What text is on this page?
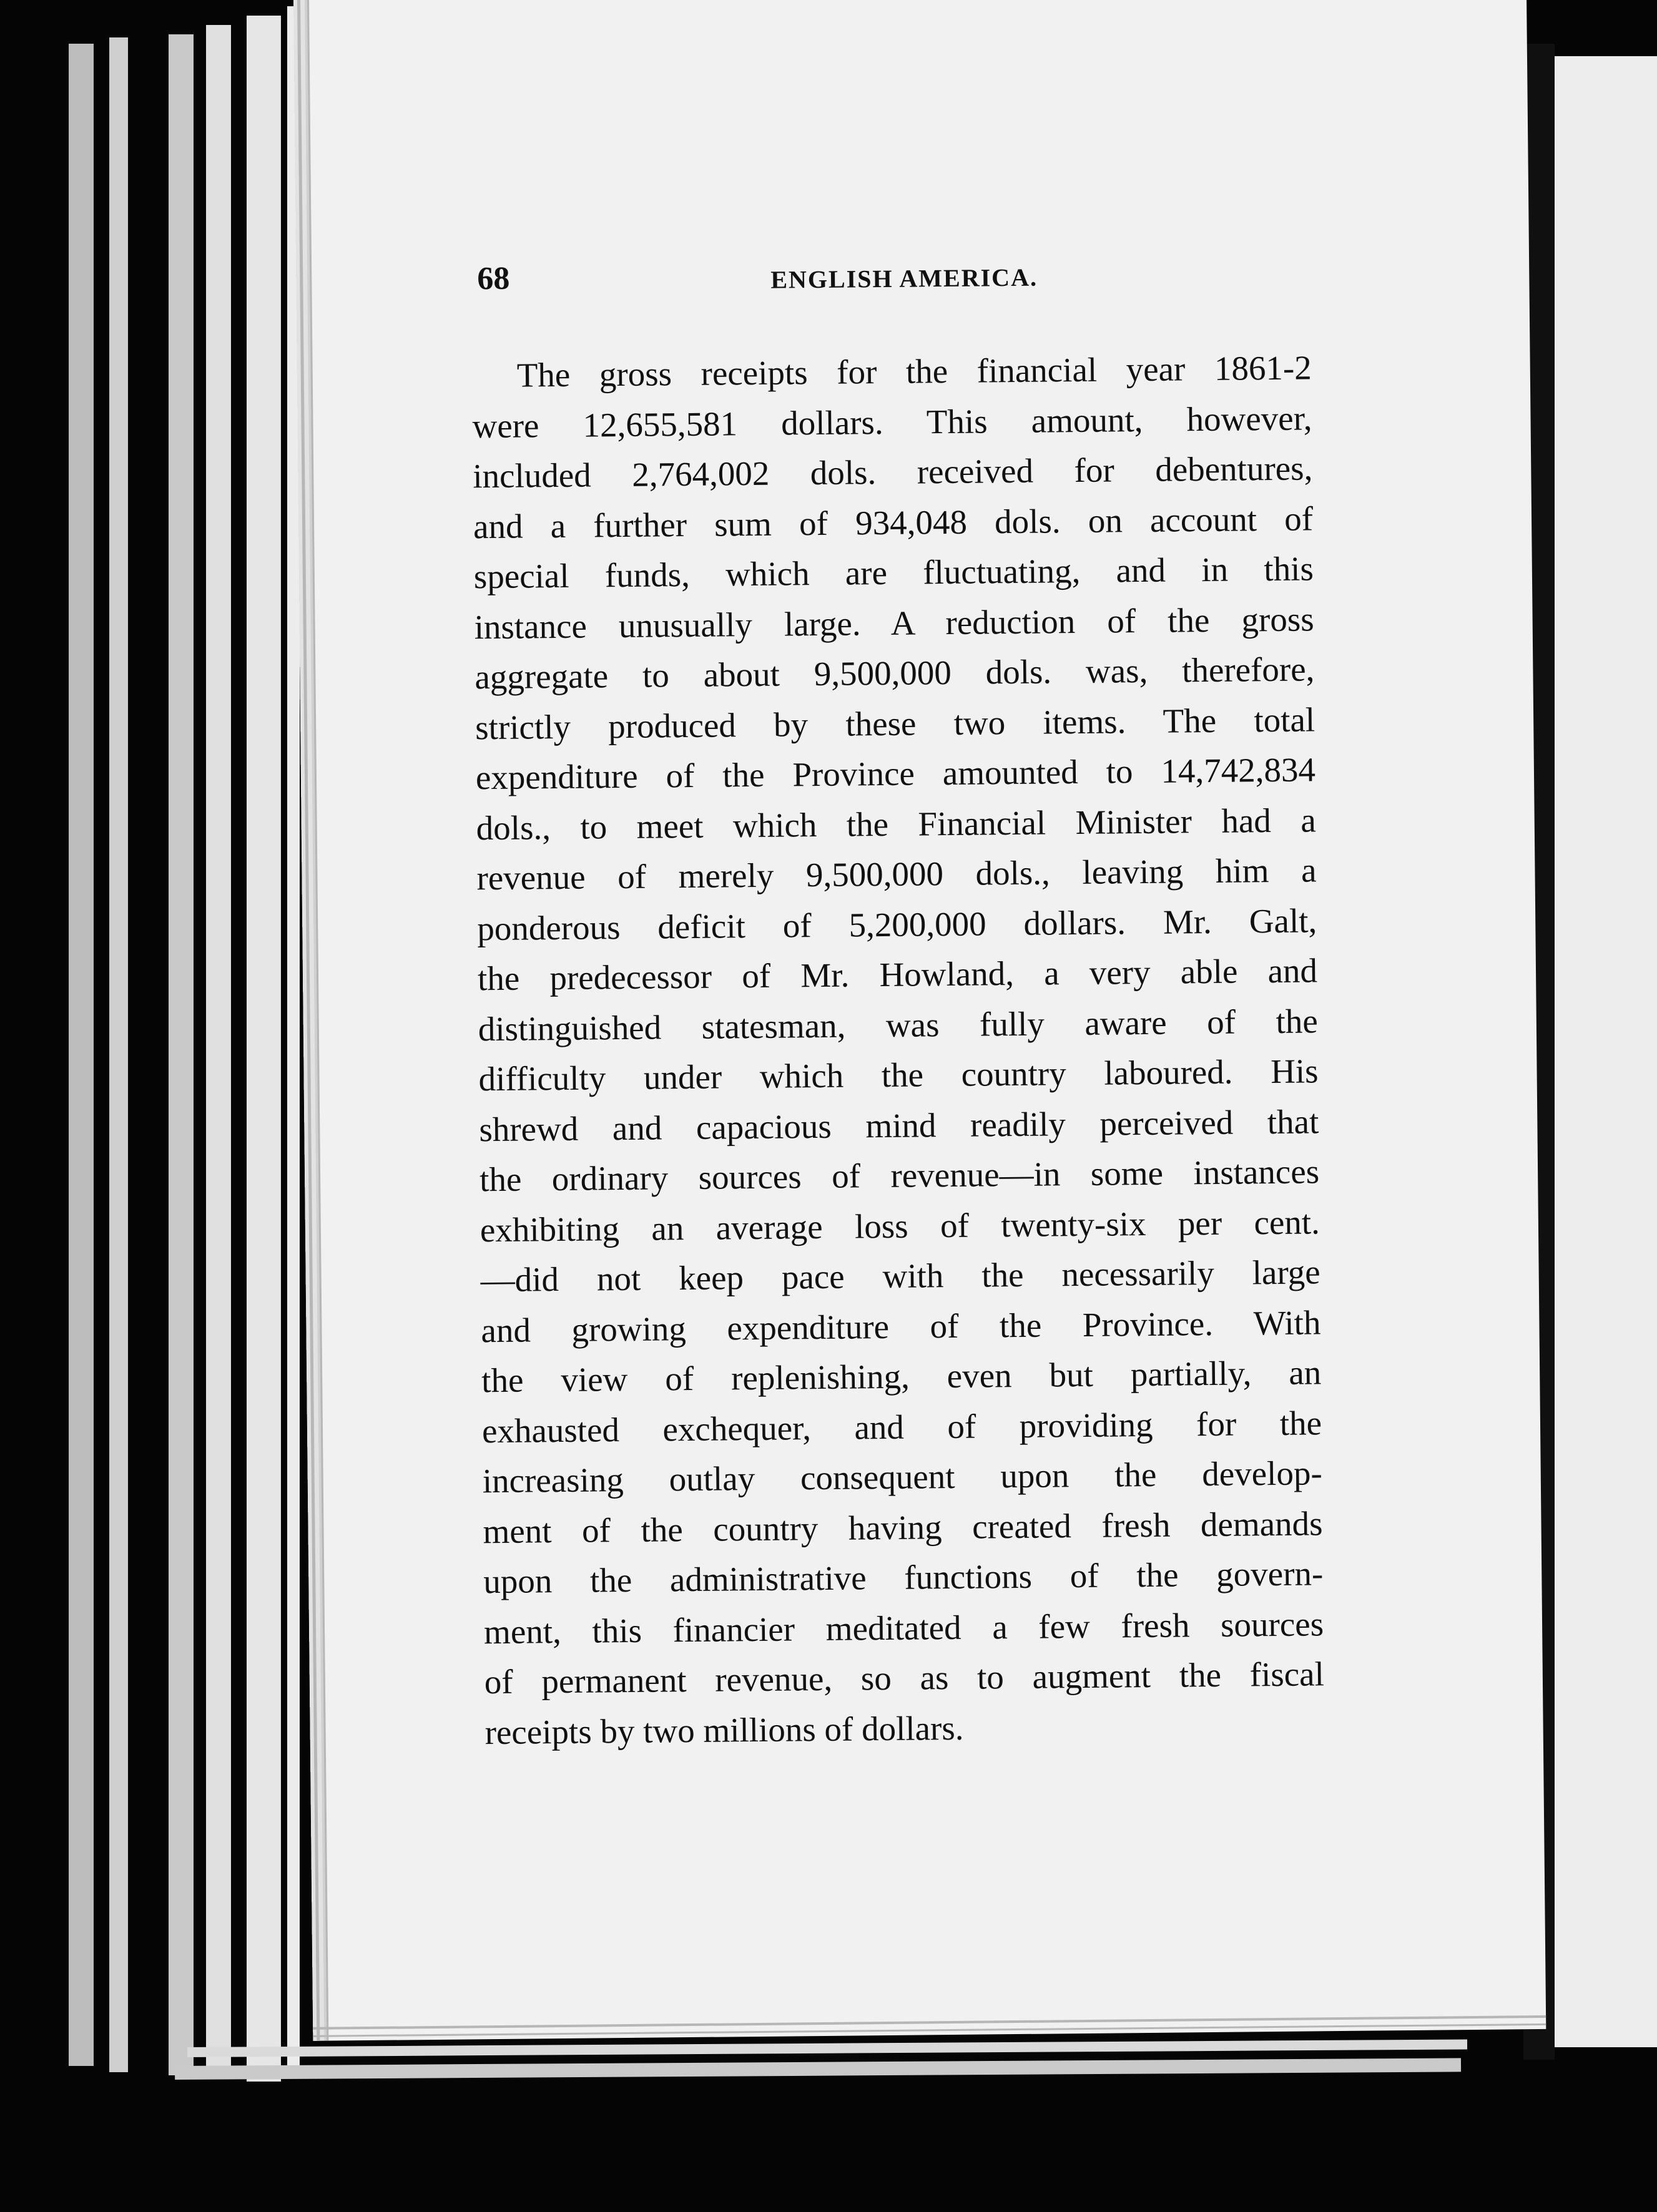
68	ENGLISH AMERICA.
The gross receipts for the financial year 1861-2
were 12,655,581 dollars. This amount, however,
included 2,764,002 dols. received for debentures,
and a further sum of 934,048 dols. on account of
special funds, which are fluctuating, and in this
instance unusually large. A reduction of the gross
aggregate to about 9,500,000 dols. was, therefore,
strictly produced by these two items. The total
expenditure of the Province amounted to 14,742,834
dols., to meet which the Financial Minister had a
revenue of merely 9,500,000 dols., leaving him a
ponderous deficit of 5,200,000 dollars. Mr. Galt,
the predecessor of Mr. Howland, a very able and
distinguished statesman, was fully aware of the
difficulty under which the country laboured. His
shrewd and capacious mind readily perceived that
the ordinary sources of revenue—in some instances
exhibiting an average loss of twenty-six per cent.
—did not keep pace with the necessarily large
and growing expenditure of the Province. With
the view of replenishing, even but partially, an
exhausted exchequer, and of providing for the
increasing outlay consequent upon the develop-
ment of the country having created fresh demands
upon the administrative functions of the govern-
ment, this financier meditated a few fresh sources
of permanent revenue, so as to augment the fiscal
receipts by two millions of dollars.
